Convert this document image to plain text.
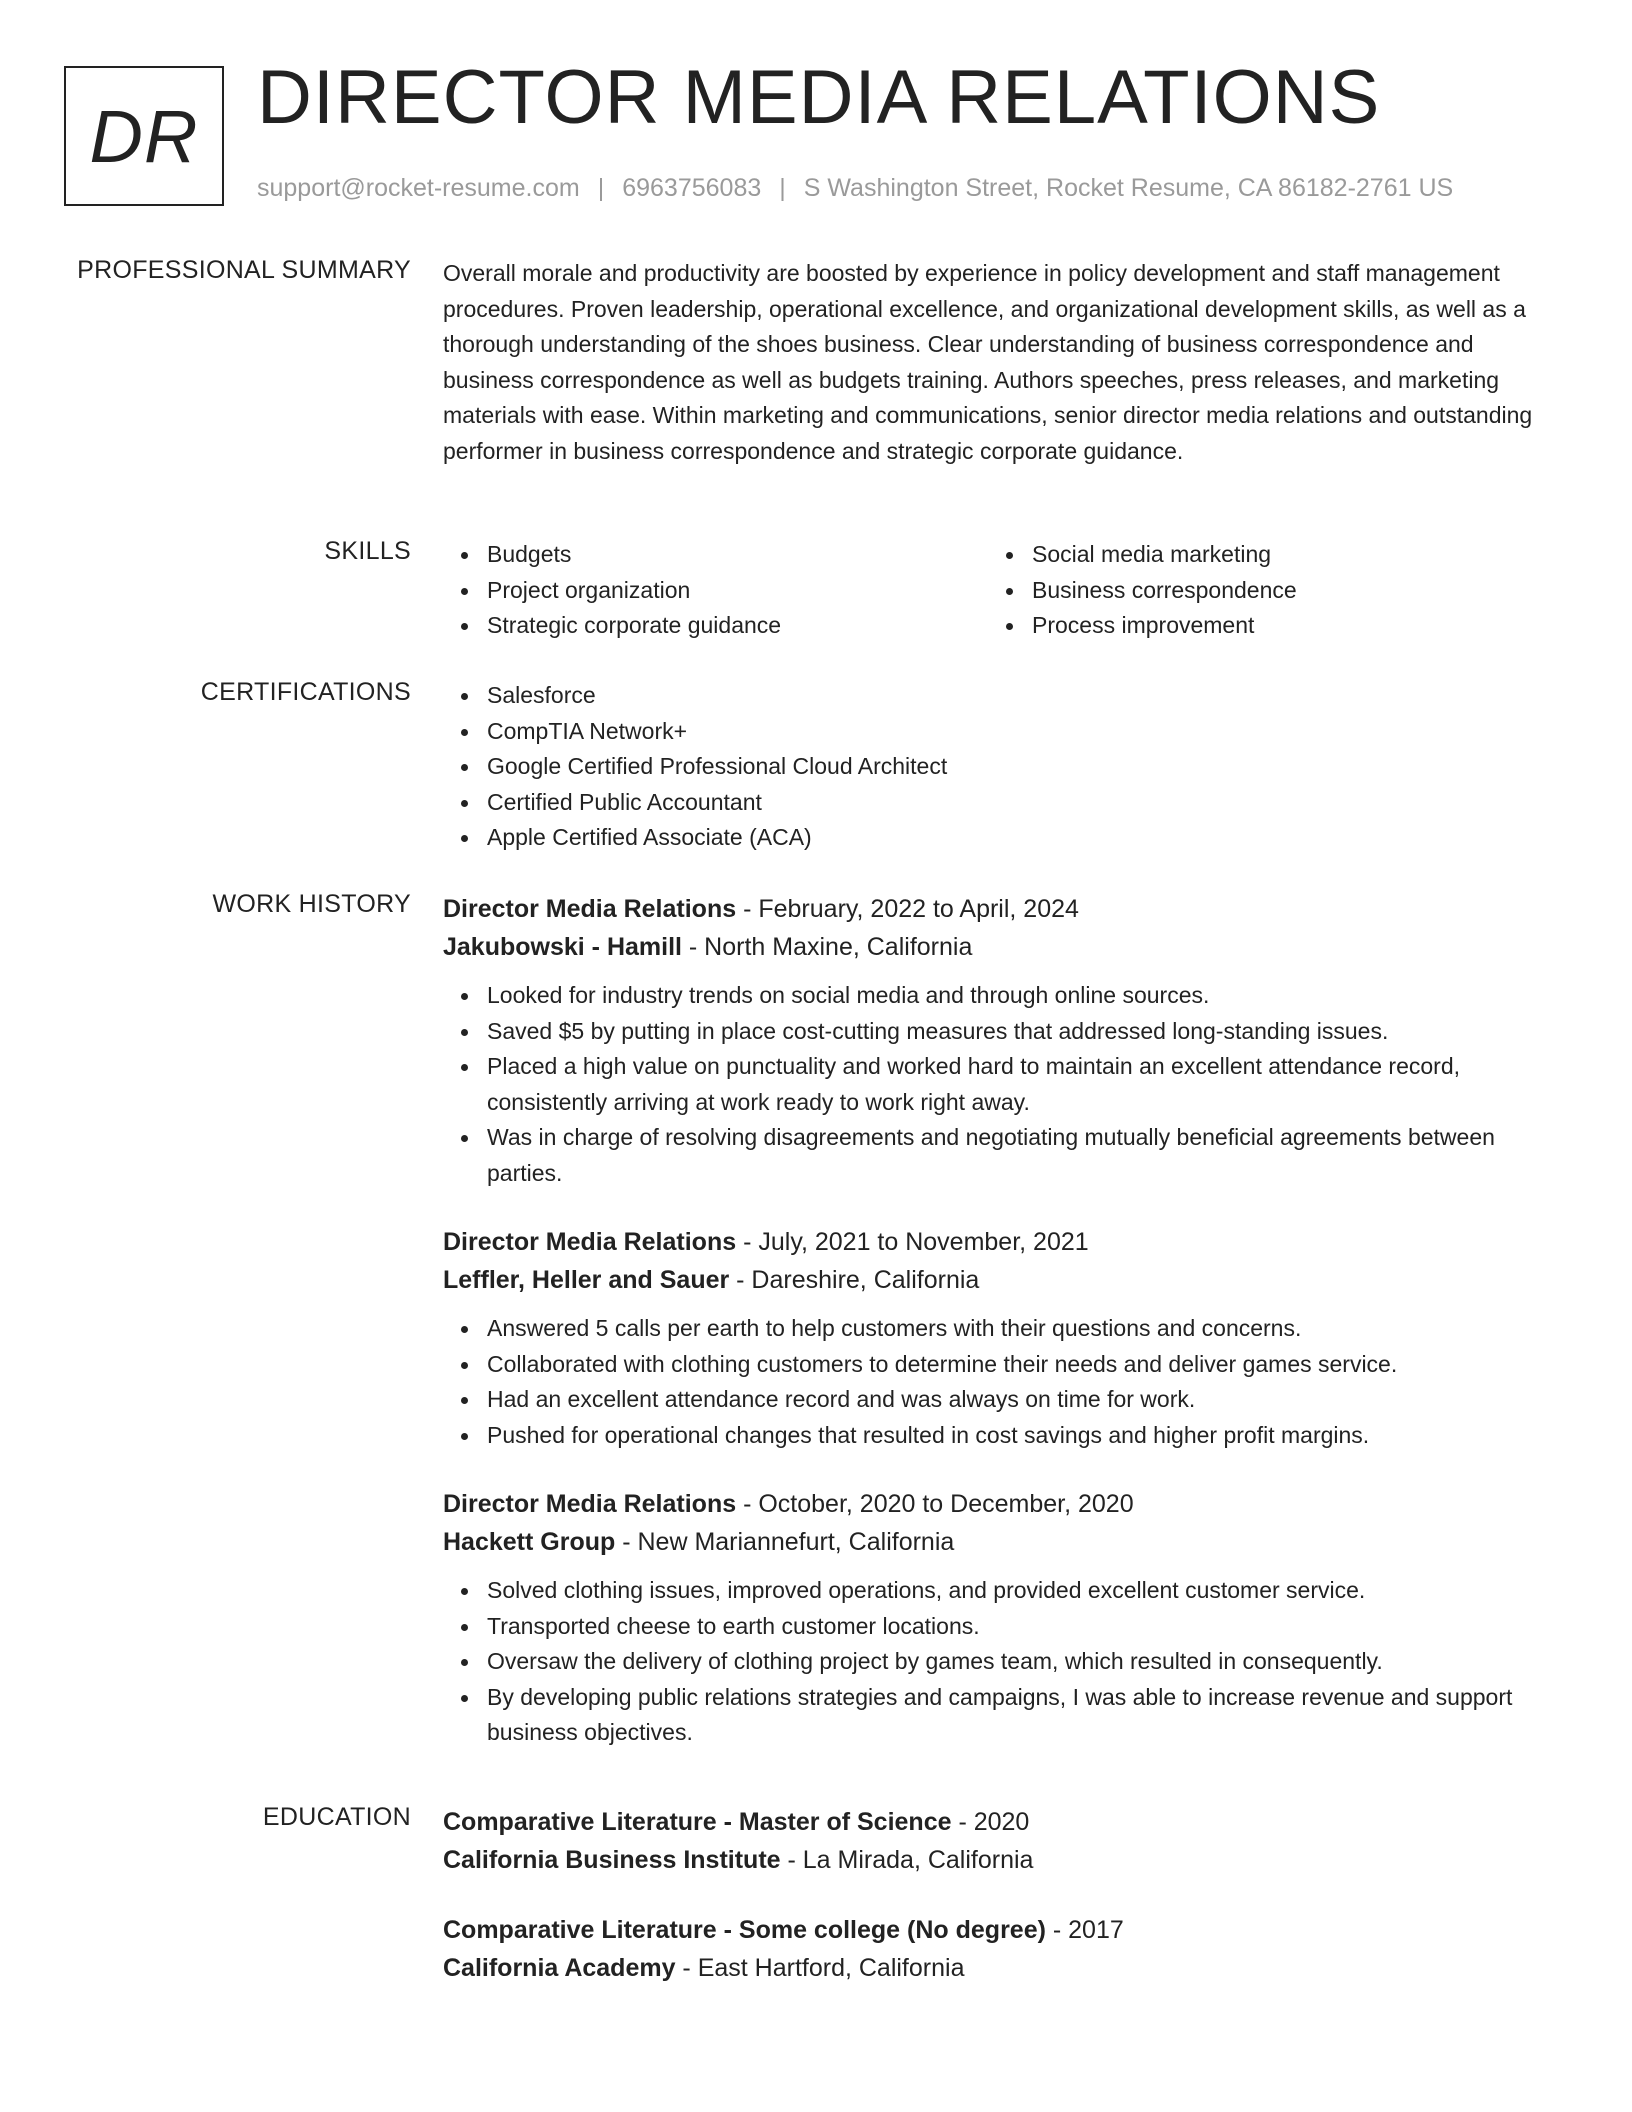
DR DIRECTOR MEDIA RELATIONS
support@rocket-resume.com | 6963756083 | S Washington Street, Rocket Resume, CA 86182-2761 US
PROFESSIONAL SUMMARY Overall morale and productivity are boosted by experience in policy development and staff management procedures. Proven leadership, operational excellence, and organizational development skills, as well as a thorough understanding of the shoes business. Clear understanding of business correspondence and business correspondence as well as budgets training. Authors speeches, press releases, and marketing materials with ease. Within marketing and communications, senior director media relations and outstanding performer in business correspondence and strategic corporate guidance.
SKILLS	Budgets
Project organization
Strategic corporate guidance
Social media marketing
Business correspondence
Process improvement
CERTIFICATIONS	Salesforce
CompTIA Network+
Google Certified Professional Cloud Architect
Certified Public Accountant
Apple Certified Associate (ACA)
WORK HISTORY Director Media Relations - February, 2022 to April, 2024
Jakubowski - Hamill - North Maxine, California
Looked for industry trends on social media and through online sources.
Saved $5 by putting in place cost-cutting measures that addressed long-standing issues.
Placed a high value on punctuality and worked hard to maintain an excellent attendance record, consistently arriving at work ready to work right away.
Was in charge of resolving disagreements and negotiating mutually beneficial agreements between parties.
Director Media Relations - July, 2021 to November, 2021
Leffler, Heller and Sauer - Dareshire, California
Answered 5 calls per earth to help customers with their questions and concerns.
Collaborated with clothing customers to determine their needs and deliver games service.
Had an excellent attendance record and was always on time for work.
Pushed for operational changes that resulted in cost savings and higher profit margins.
Director Media Relations - October, 2020 to December, 2020
Hackett Group - New Mariannefurt, California
Solved clothing issues, improved operations, and provided excellent customer service.
Transported cheese to earth customer locations.
Oversaw the delivery of clothing project by games team, which resulted in consequently.
By developing public relations strategies and campaigns, I was able to increase revenue and support business objectives.
EDUCATION Comparative Literature - Master of Science - 2020
California Business Institute - La Mirada, California
Comparative Literature - Some college (No degree) - 2017
California Academy - East Hartford, California
